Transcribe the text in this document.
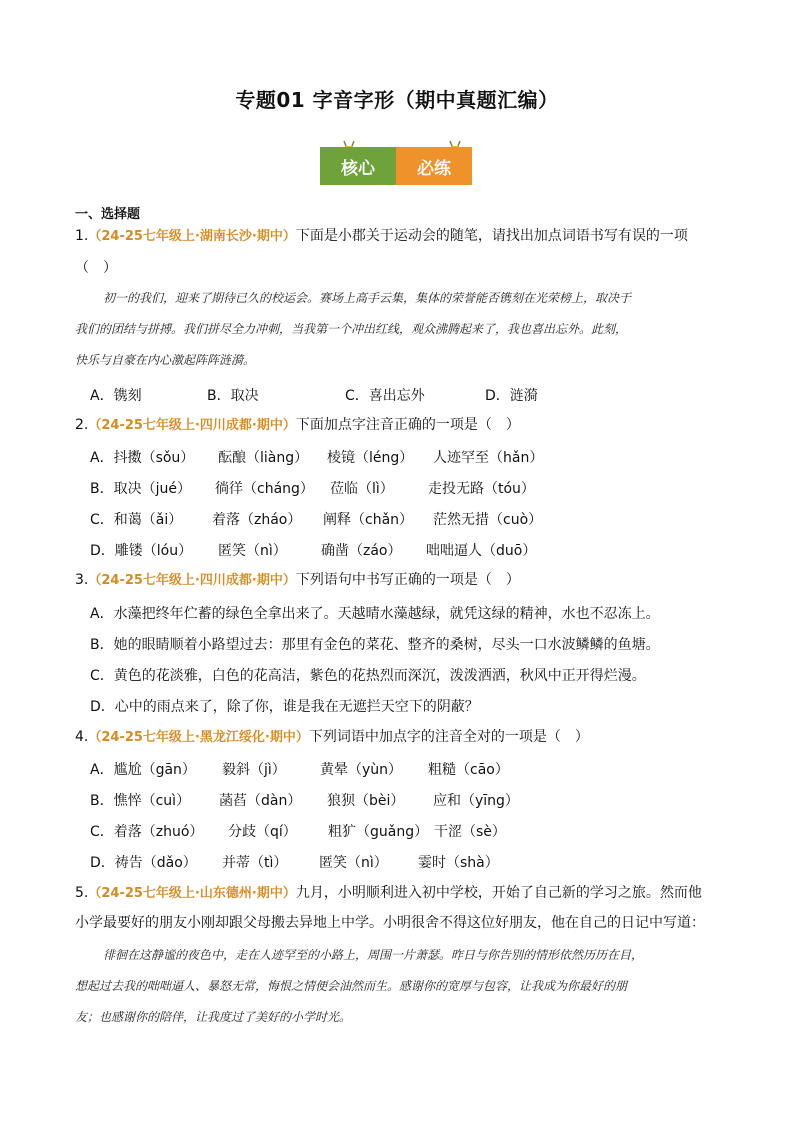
专题01 字音字形（期中真题汇编）
核心	必练
一、选择题
1.（24-25七年级上·湖南长沙·期中）下面是小郡关于运动会的随笔，请找出加点词语书写有误的一项
（　）
初一的我们，迎来了期待已久的校运会。赛场上高手云集，集体的荣誉能否镌刻在光荣榜上，取决于
我们的团结与拼搏。我们拼尽全力冲刺，当我第一个冲出红线，观众沸腾起来了，我也喜出忘外。此刻，
快乐与自豪在内心激起阵阵涟漪。
A．镌刻	B．取决	C．喜出忘外	D．涟漪
2.（24-25七年级上·四川成都·期中）下面加点字注音正确的一项是（　）
A．抖擞（sǒu） 酝酿（liàng） 棱镜（léng） 人迹罕至（hǎn）
B．取决（jué） 徜徉（cháng） 莅临（lì） 走投无路（tóu）
C．和蔼（ǎi） 着落（zháo） 阐释（chǎn） 茫然无措（cuò）
D．雕镂（lóu） 匿笑（nì） 确凿（záo） 咄咄逼人（duō）
3.（24-25七年级上·四川成都·期中）下列语句中书写正确的一项是（　）
A．水藻把终年伫蓄的绿色全拿出来了。天越晴水藻越绿，就凭这绿的精神，水也不忍冻上。
B．她的眼睛顺着小路望过去：那里有金色的菜花、整齐的桑树，尽头一口水波鳞鳞的鱼塘。
C．黄色的花淡雅，白色的花高洁，紫色的花热烈而深沉，泼泼洒洒，秋风中正开得烂漫。
D．心中的雨点来了，除了你，谁是我在无遮拦天空下的阴蔽？
4.（24-25七年级上·黑龙江绥化·期中）下列词语中加点字的注音全对的一项是（　）
A．尴尬（gān） 毅斜（jì） 黄晕（yùn） 粗糙（cāo）
B．憔悴（cuì） 菡萏（dàn） 狼狈（bèi） 应和（yīng）
C．着落（zhuó） 分歧（qí） 粗犷（guǎng） 干涩（sè）
D．祷告（dǎo） 并蒂（tì） 匿笑（nì） 霎时（shà）
5.（24-25七年级上·山东德州·期中）九月，小明顺利进入初中学校，开始了自己新的学习之旅。然而他
小学最要好的朋友小刚却跟父母搬去异地上中学。小明很舍不得这位好朋友，他在自己的日记中写道：
徘徊在这静谧的夜色中，走在人迹罕至的小路上，周围一片萧瑟。昨日与你告别的情形依然历历在目，
想起过去我的咄咄逼人、暴怒无常，悔恨之情便会油然而生。感谢你的宽厚与包容，让我成为你最好的朋
友；也感谢你的陪伴，让我度过了美好的小学时光。
